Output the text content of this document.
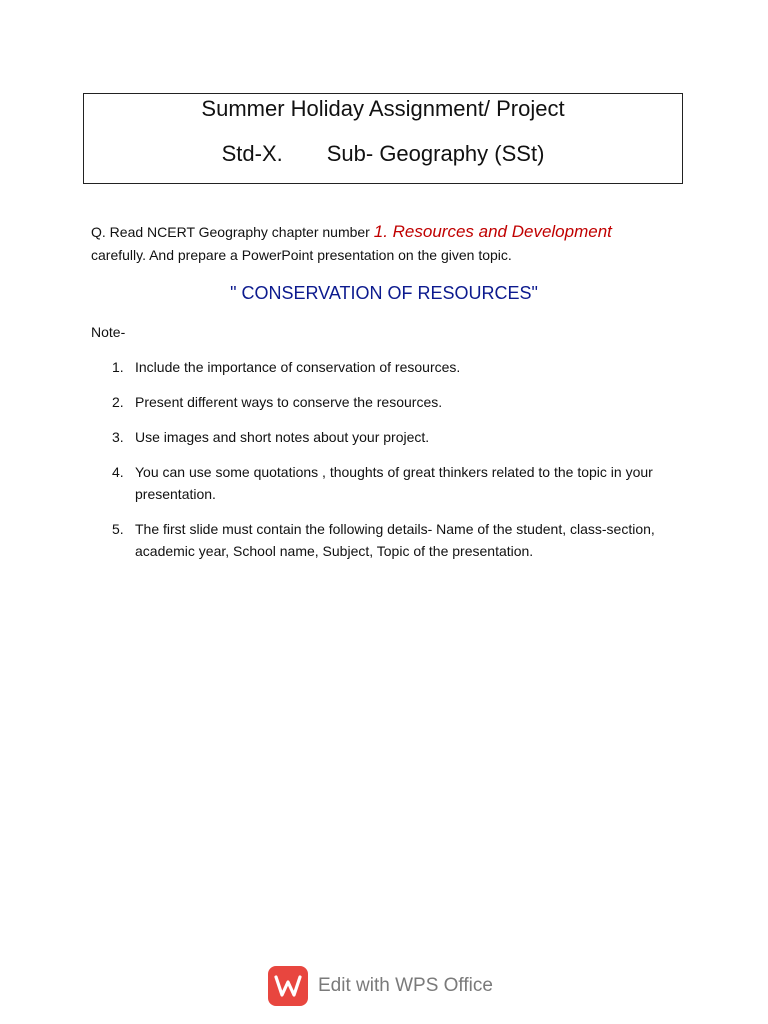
Summer Holiday Assignment/ Project
Std-X. Sub- Geography (SSt)
Q. Read NCERT Geography chapter number 1. Resources and Development
carefully. And prepare a PowerPoint presentation on the given topic.
" CONSERVATION OF RESOURCES"
Note-
1. Include the importance of conservation of resources.
2. Present different ways to conserve the resources.
3. Use images and short notes about your project.
4. You can use some quotations , thoughts of great thinkers related to the topic in your presentation.
5. The first slide must contain the following details- Name of the student, class-section, academic year, School name, Subject, Topic of the presentation.
Edit with WPS Office
